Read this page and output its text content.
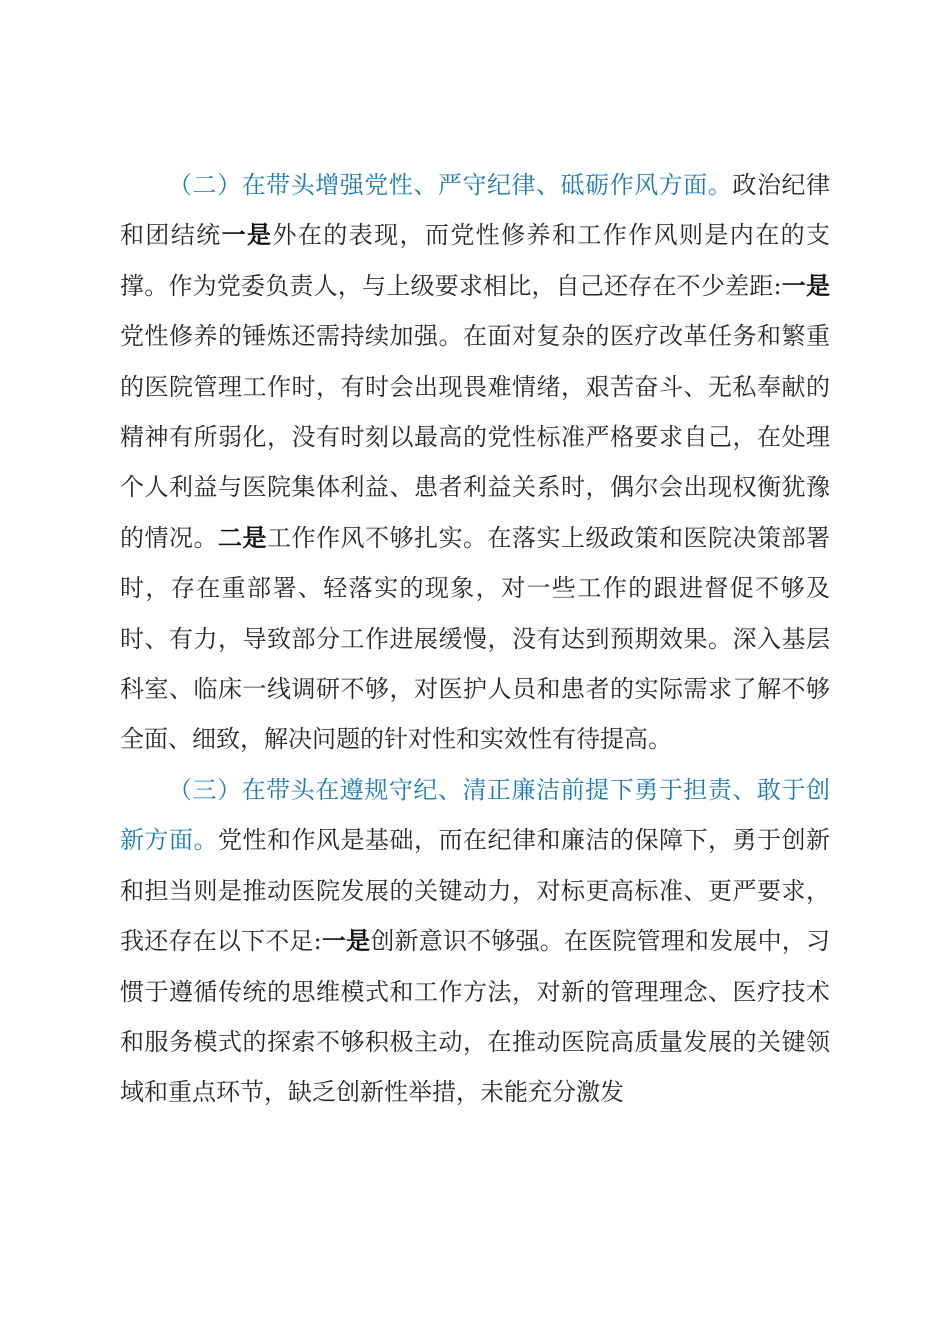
（二）在带头增强党性、严守纪律、砥砺作风方面。政治纪律和团结统一是外在的表现，而党性修养和工作作风则是内在的支撑。作为党委负责人，与上级要求相比，自己还存在不少差距:一是党性修养的锤炼还需持续加强。在面对复杂的医疗改革任务和繁重的医院管理工作时，有时会出现畏难情绪，艰苦奋斗、无私奉献的精神有所弱化，没有时刻以最高的党性标准严格要求自己，在处理个人利益与医院集体利益、患者利益关系时，偶尔会出现权衡犹豫的情况。二是工作作风不够扎实。在落实上级政策和医院决策部署时，存在重部署、轻落实的现象，对一些工作的跟进督促不够及时、有力，导致部分工作进展缓慢，没有达到预期效果。深入基层科室、临床一线调研不够，对医护人员和患者的实际需求了解不够全面、细致，解决问题的针对性和实效性有待提高。

（三）在带头在遵规守纪、清正廉洁前提下勇于担责、敢于创新方面。党性和作风是基础，而在纪律和廉洁的保障下，勇于创新和担当则是推动医院发展的关键动力，对标更高标准、更严要求，我还存在以下不足:一是创新意识不够强。在医院管理和发展中，习惯于遵循传统的思维模式和工作方法，对新的管理理念、医疗技术和服务模式的探索不够积极主动，在推动医院高质量发展的关键领域和重点环节，缺乏创新性举措，未能充分激发
